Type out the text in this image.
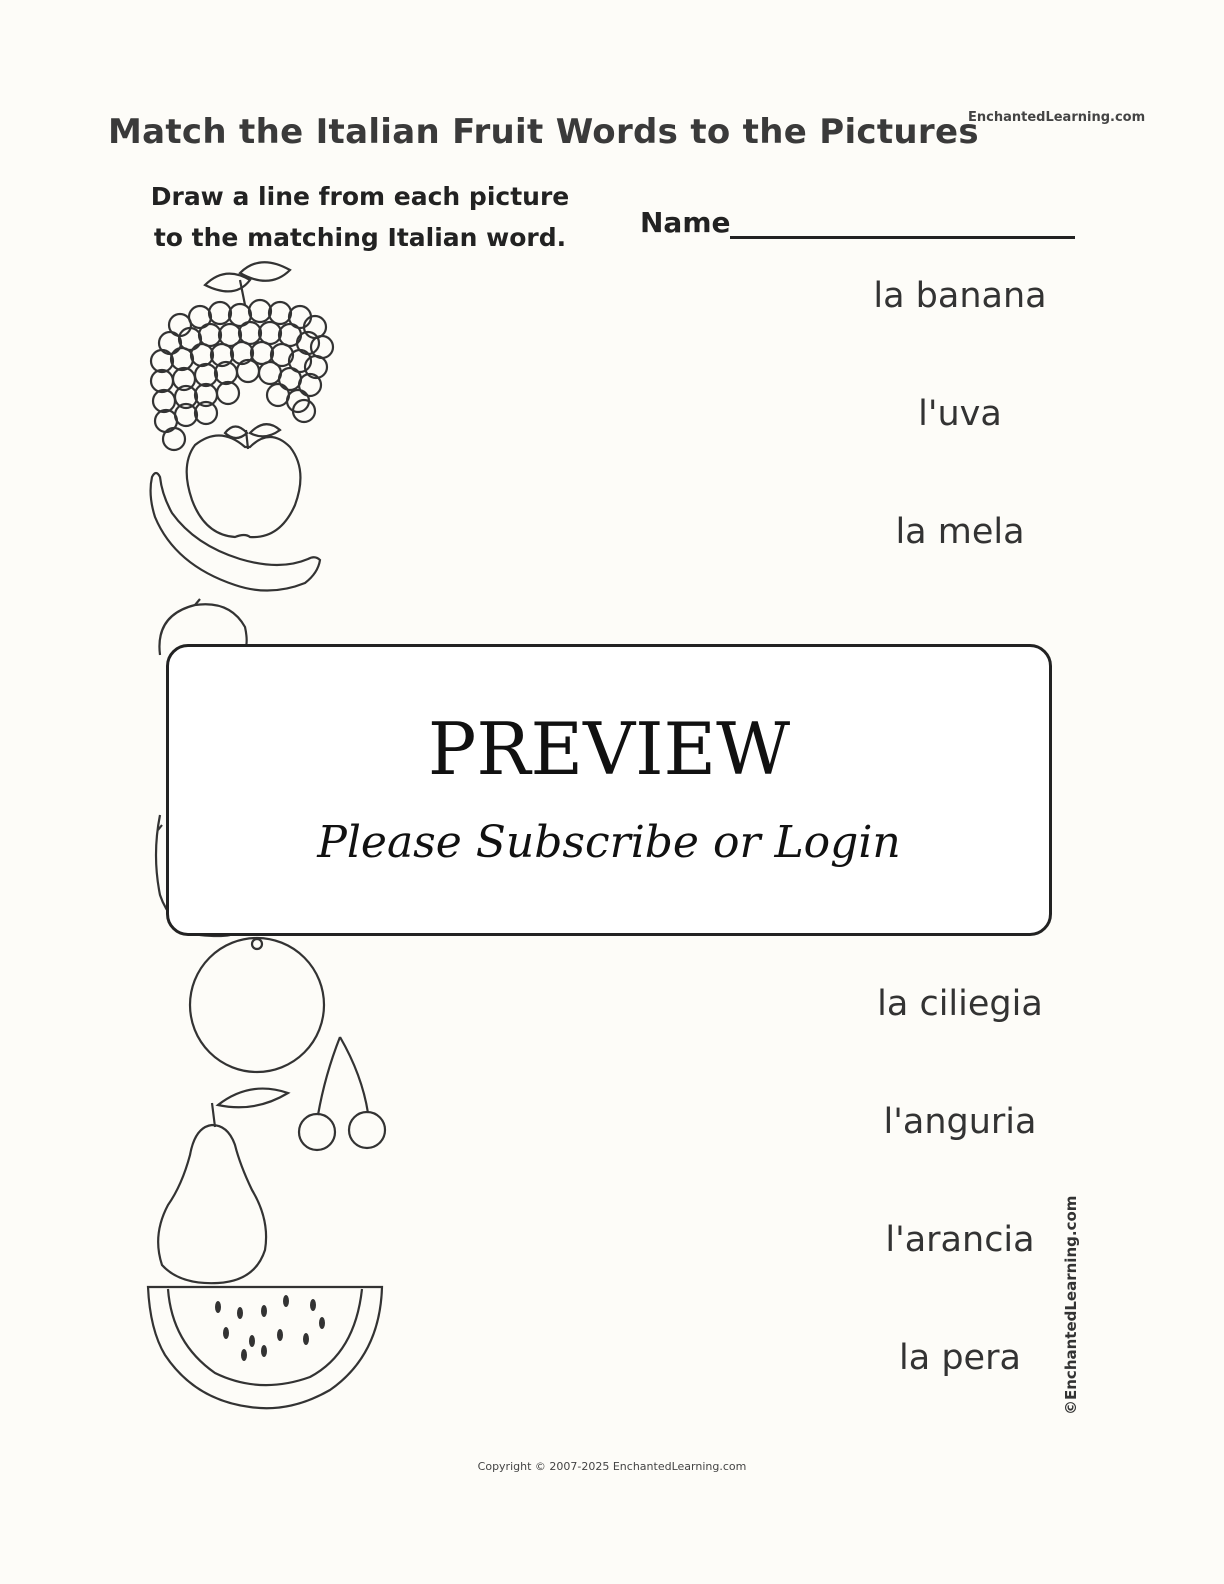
Match the Italian Fruit Words to the Pictures
EnchantedLearning.com
Draw a line from each picture
to the matching Italian word.	Name
la banana
l'uva
la mela
la ciliegia
l'anguria
l'arancia
la pera
PREVIEW
Please Subscribe or Login
©EnchantedLearning.com
Copyright © 2007-2025 EnchantedLearning.com
